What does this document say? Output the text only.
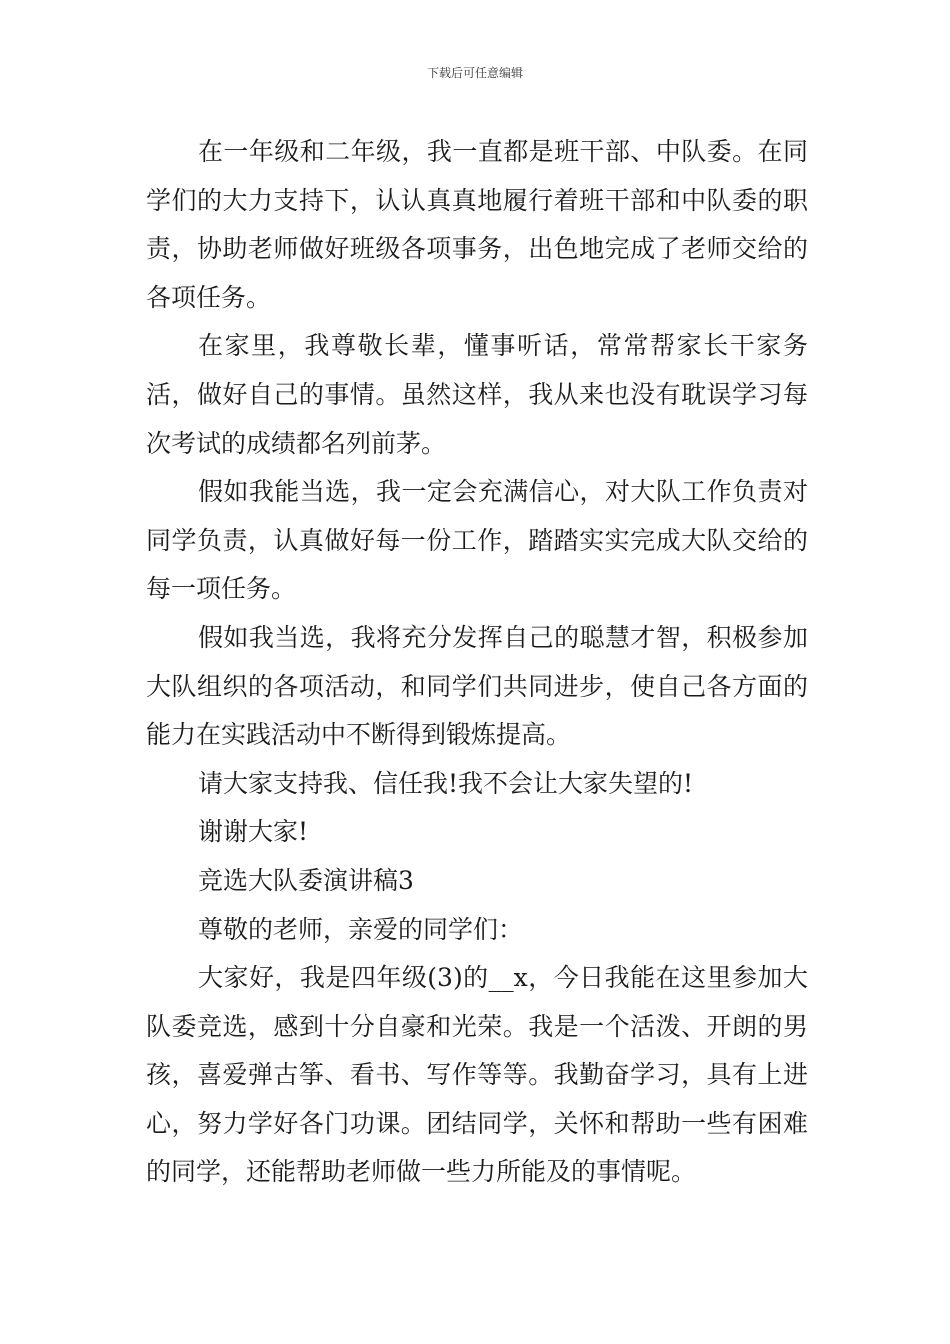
下载后可任意编辑

在一年级和二年级，我一直都是班干部、中队委。在同学们的大力支持下，认认真真地履行着班干部和中队委的职责，协助老师做好班级各项事务，出色地完成了老师交给的各项任务。

在家里，我尊敬长辈，懂事听话，常常帮家长干家务活，做好自己的事情。虽然这样，我从来也没有耽误学习每次考试的成绩都名列前茅。

假如我能当选，我一定会充满信心，对大队工作负责对同学负责，认真做好每一份工作，踏踏实实完成大队交给的每一项任务。

假如我当选，我将充分发挥自己的聪慧才智，积极参加大队组织的各项活动，和同学们共同进步，使自己各方面的能力在实践活动中不断得到锻炼提高。

请大家支持我、信任我!我不会让大家失望的!

谢谢大家!

竞选大队委演讲稿3

尊敬的老师，亲爱的同学们：

大家好，我是四年级(3)的__x，今日我能在这里参加大队委竞选，感到十分自豪和光荣。我是一个活泼、开朗的男孩，喜爱弹古筝、看书、写作等等。我勤奋学习，具有上进心，努力学好各门功课。团结同学，关怀和帮助一些有困难的同学，还能帮助老师做一些力所能及的事情呢。
